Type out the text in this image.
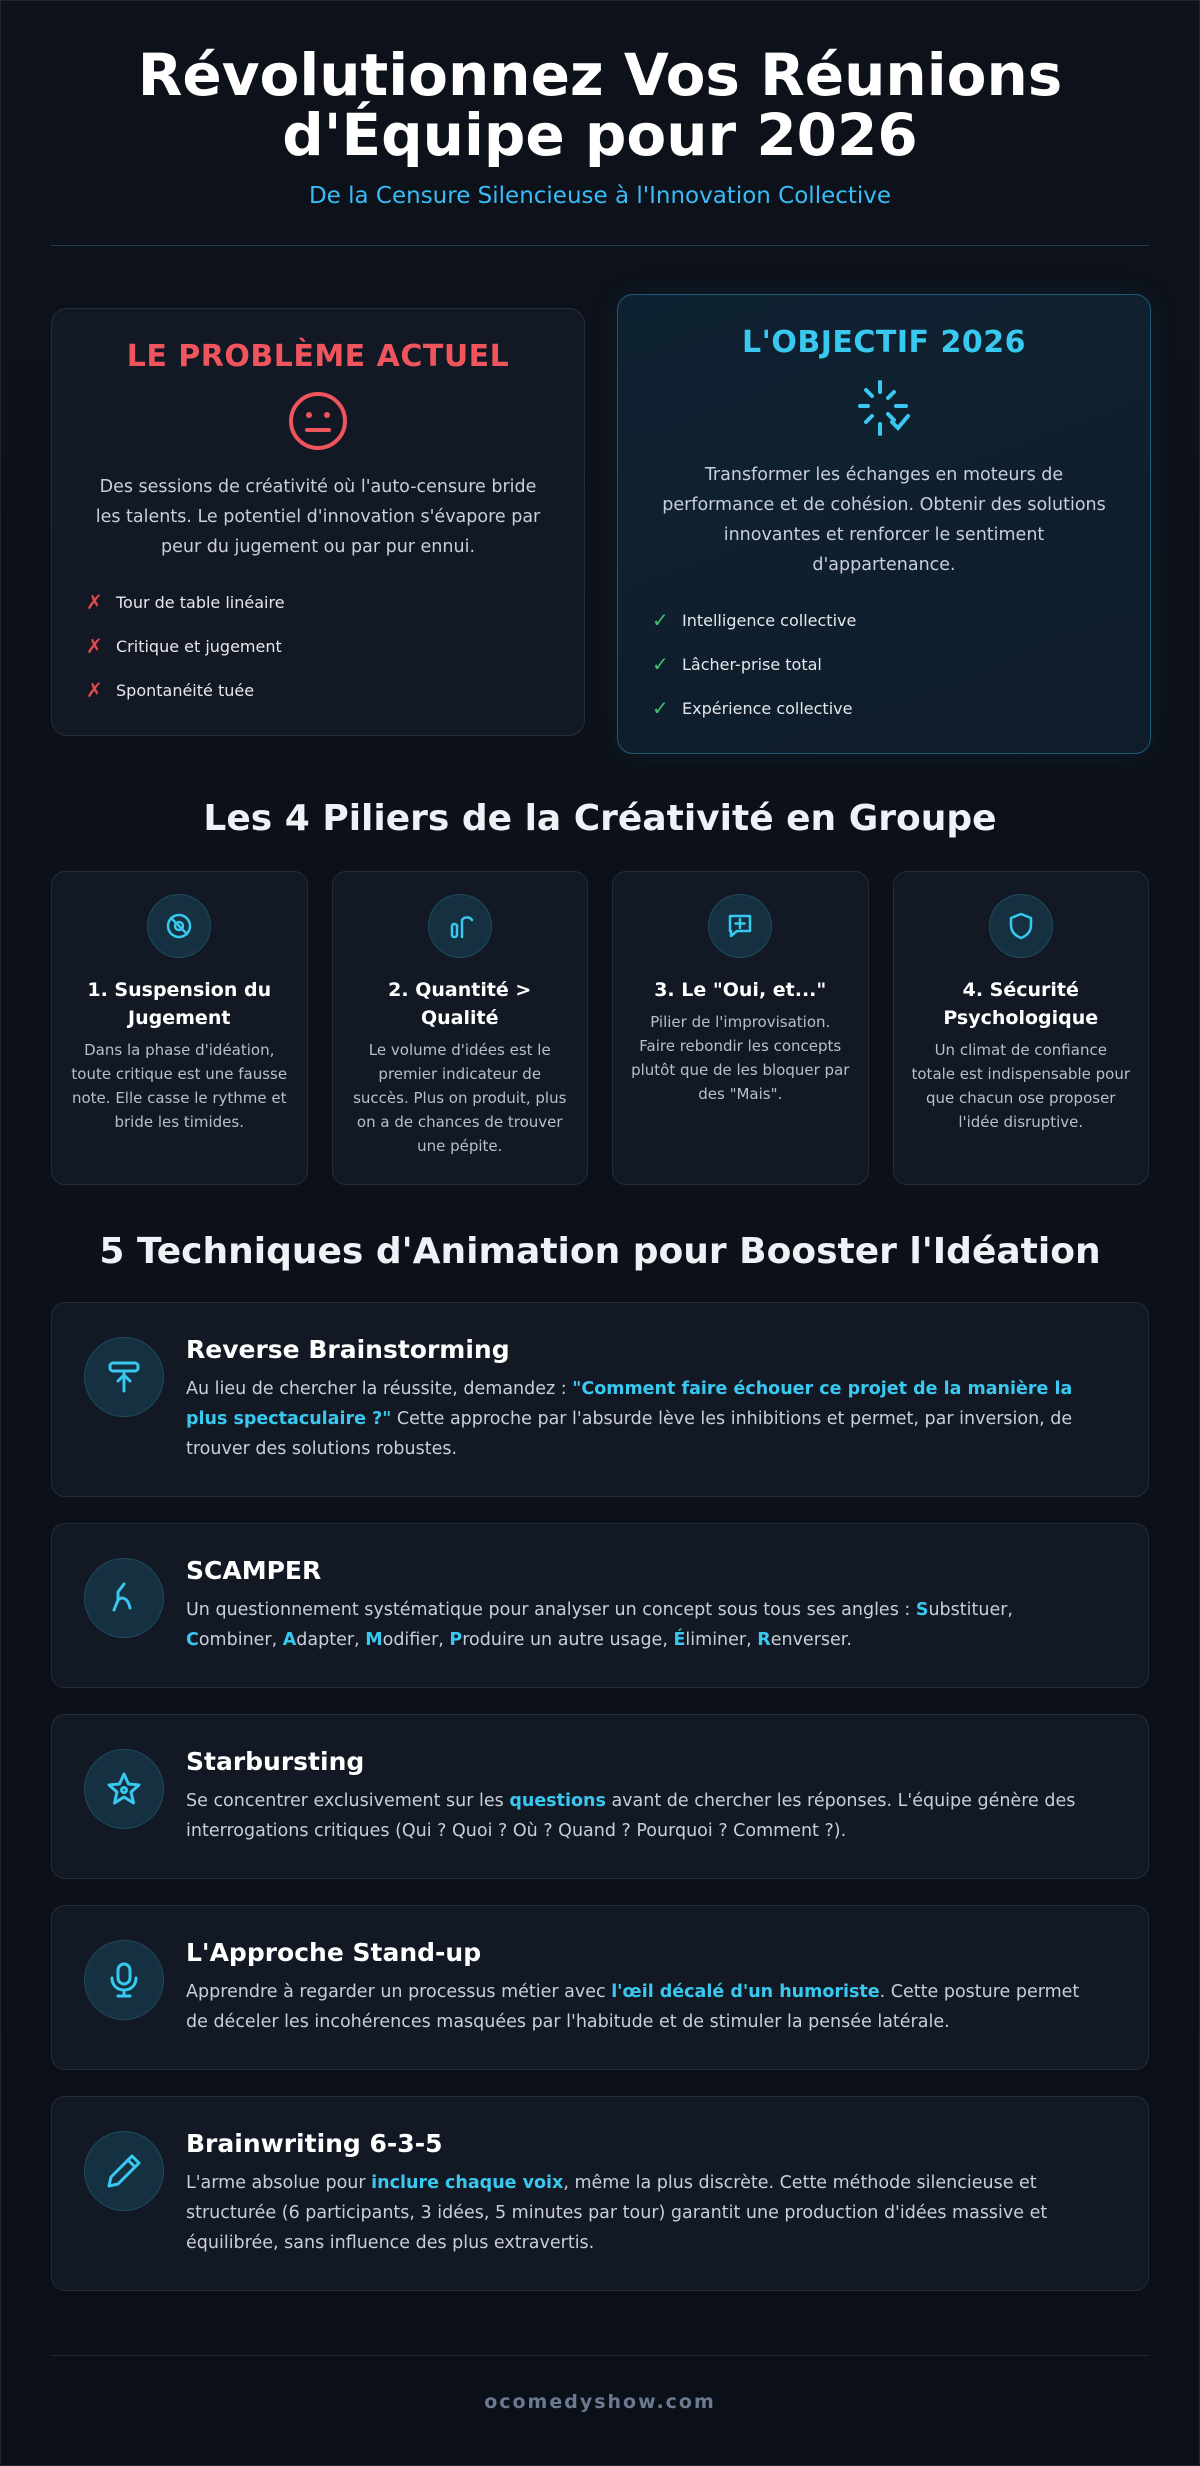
Révolutionnez Vos Réunions d'Équipe pour 2026
De la Censure Silencieuse à l'Innovation Collective
LE PROBLÈME ACTUEL
Des sessions de créativité où l'auto-censure bride les talents. Le potentiel d'innovation s'évapore par peur du jugement ou par pur ennui.
✗ Tour de table linéaire
✗ Critique et jugement
✗ Spontanéité tuée
L'OBJECTIF 2026
Transformer les échanges en moteurs de performance et de cohésion. Obtenir des solutions innovantes et renforcer le sentiment d'appartenance.
✓ Intelligence collective
✓ Lâcher-prise total
✓ Expérience collective
Les 4 Piliers de la Créativité en Groupe
1. Suspension du Jugement
Dans la phase d'idéation, toute critique est une fausse note. Elle casse le rythme et bride les timides.
2. Quantité > Qualité
Le volume d'idées est le premier indicateur de succès. Plus on produit, plus on a de chances de trouver une pépite.
3. Le "Oui, et..."
Pilier de l'improvisation. Faire rebondir les concepts plutôt que de les bloquer par des "Mais".
4. Sécurité Psychologique
Un climat de confiance totale est indispensable pour que chacun ose proposer l'idée disruptive.
5 Techniques d'Animation pour Booster l'Idéation
Reverse Brainstorming
Au lieu de chercher la réussite, demandez : "Comment faire échouer ce projet de la manière la plus spectaculaire ?" Cette approche par l'absurde lève les inhibitions et permet, par inversion, de trouver des solutions robustes.
SCAMPER
Un questionnement systématique pour analyser un concept sous tous ses angles : Substituer, Combiner, Adapter, Modifier, Produire un autre usage, Éliminer, Renverser.
Starbursting
Se concentrer exclusivement sur les questions avant de chercher les réponses. L'équipe génère des interrogations critiques (Qui ? Quoi ? Où ? Quand ? Pourquoi ? Comment ?).
L'Approche Stand-up
Apprendre à regarder un processus métier avec l'œil décalé d'un humoriste. Cette posture permet de déceler les incohérences masquées par l'habitude et de stimuler la pensée latérale.
Brainwriting 6-3-5
L'arme absolue pour inclure chaque voix, même la plus discrète. Cette méthode silencieuse et structurée (6 participants, 3 idées, 5 minutes par tour) garantit une production d'idées massive et équilibrée, sans influence des plus extravertis.
ocomedyshow.com
